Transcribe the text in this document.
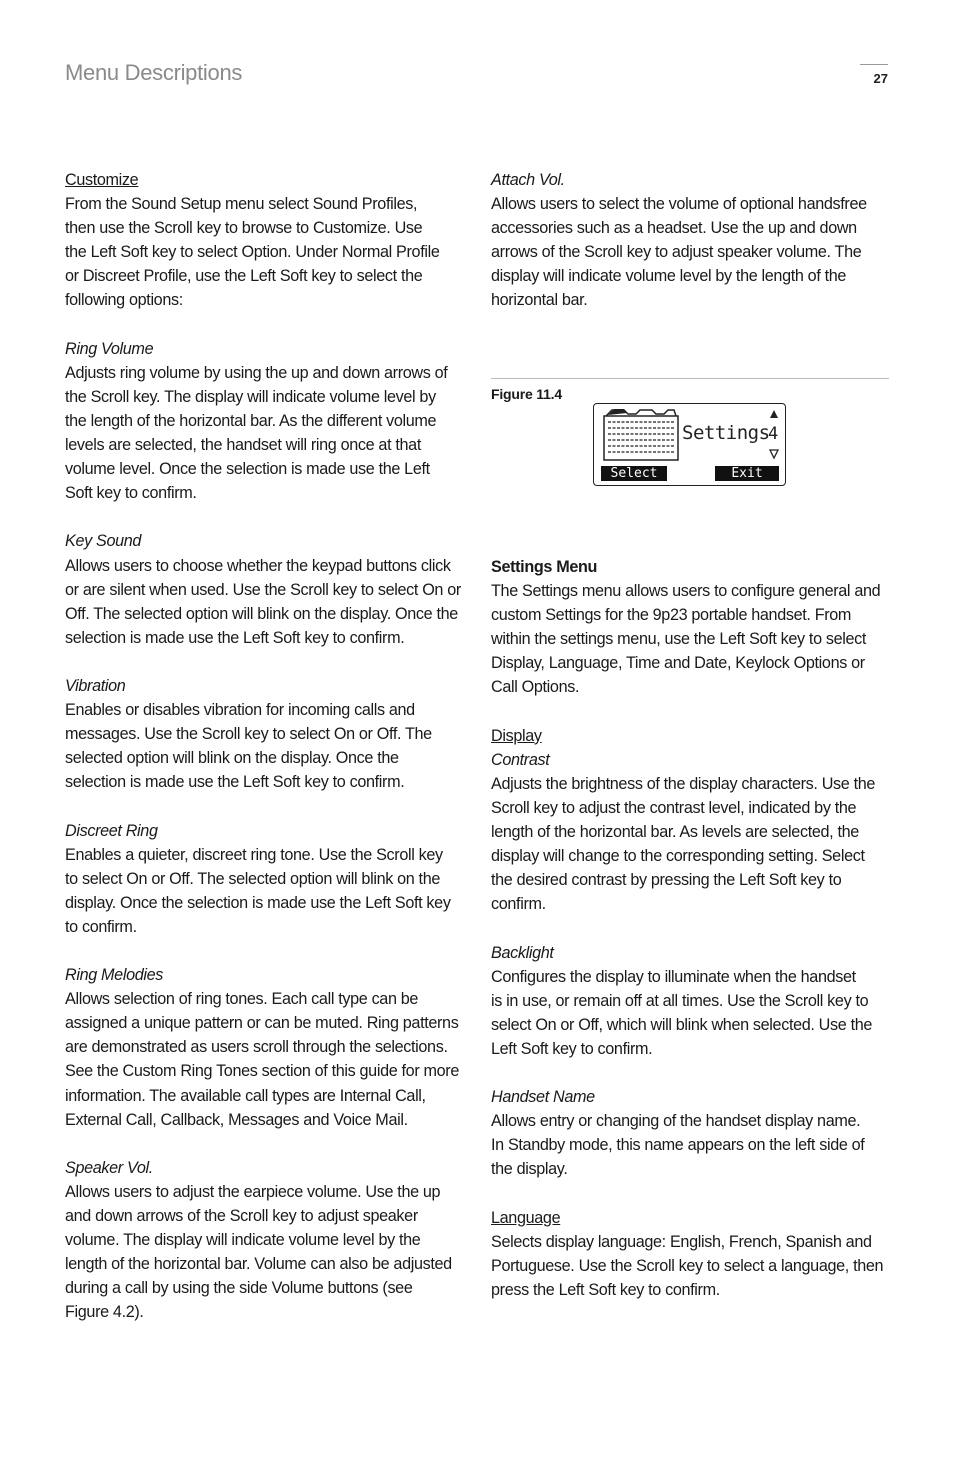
Menu Descriptions	27

Customize

From the Sound Setup menu select Sound Profiles,

then use the Scroll key to browse to Customize. Use

the Left Soft key to select Option. Under Normal Profile

or Discreet Profile, use the Left Soft key to select the

following options:

Ring Volume

Adjusts ring volume by using the up and down arrows of

the Scroll key. The display will indicate volume level by

the length of the horizontal bar. As the different volume

levels are selected, the handset will ring once at that

volume level. Once the selection is made use the Left

Soft key to confirm.

Key Sound

Allows users to choose whether the keypad buttons click

or are silent when used. Use the Scroll key to select On or

Off. The selected option will blink on the display. Once the

selection is made use the Left Soft key to confirm.

Vibration

Enables or disables vibration for incoming calls and

messages. Use the Scroll key to select On or Off. The

selected option will blink on the display. Once the

selection is made use the Left Soft key to confirm.

Discreet Ring

Enables a quieter, discreet ring tone. Use the Scroll key

to select On or Off. The selected option will blink on the

display. Once the selection is made use the Left Soft key

to confirm.

Ring Melodies

Allows selection of ring tones. Each call type can be

assigned a unique pattern or can be muted. Ring patterns

are demonstrated as users scroll through the selections.

See the Custom Ring Tones section of this guide for more

information. The available call types are Internal Call,

External Call, Callback, Messages and Voice Mail.

Speaker Vol.

Allows users to adjust the earpiece volume. Use the up

and down arrows of the Scroll key to adjust speaker

volume. The display will indicate volume level by the

length of the horizontal bar. Volume can also be adjusted

during a call by using the side Volume buttons (see

Figure 4.2).

Attach Vol.

Allows users to select the volume of optional handsfree

accessories such as a headset. Use the up and down

arrows of the Scroll key to adjust speaker volume. The

display will indicate volume level by the length of the

horizontal bar.

Figure 11.4
Settings
4
Select	Exit

Settings Menu

The Settings menu allows users to configure general and

custom Settings for the 9p23 portable handset. From

within the settings menu, use the Left Soft key to select

Display, Language, Time and Date, Keylock Options or

Call Options.

Display

Contrast

Adjusts the brightness of the display characters. Use the

Scroll key to adjust the contrast level, indicated by the

length of the horizontal bar. As levels are selected, the

display will change to the corresponding setting. Select

the desired contrast by pressing the Left Soft key to

confirm.

Backlight

Configures the display to illuminate when the handset

is in use, or remain off at all times. Use the Scroll key to

select On or Off, which will blink when selected. Use the

Left Soft key to confirm.

Handset Name

Allows entry or changing of the handset display name.

In Standby mode, this name appears on the left side of

the display.

Language

Selects display language: English, French, Spanish and

Portuguese. Use the Scroll key to select a language, then

press the Left Soft key to confirm.
